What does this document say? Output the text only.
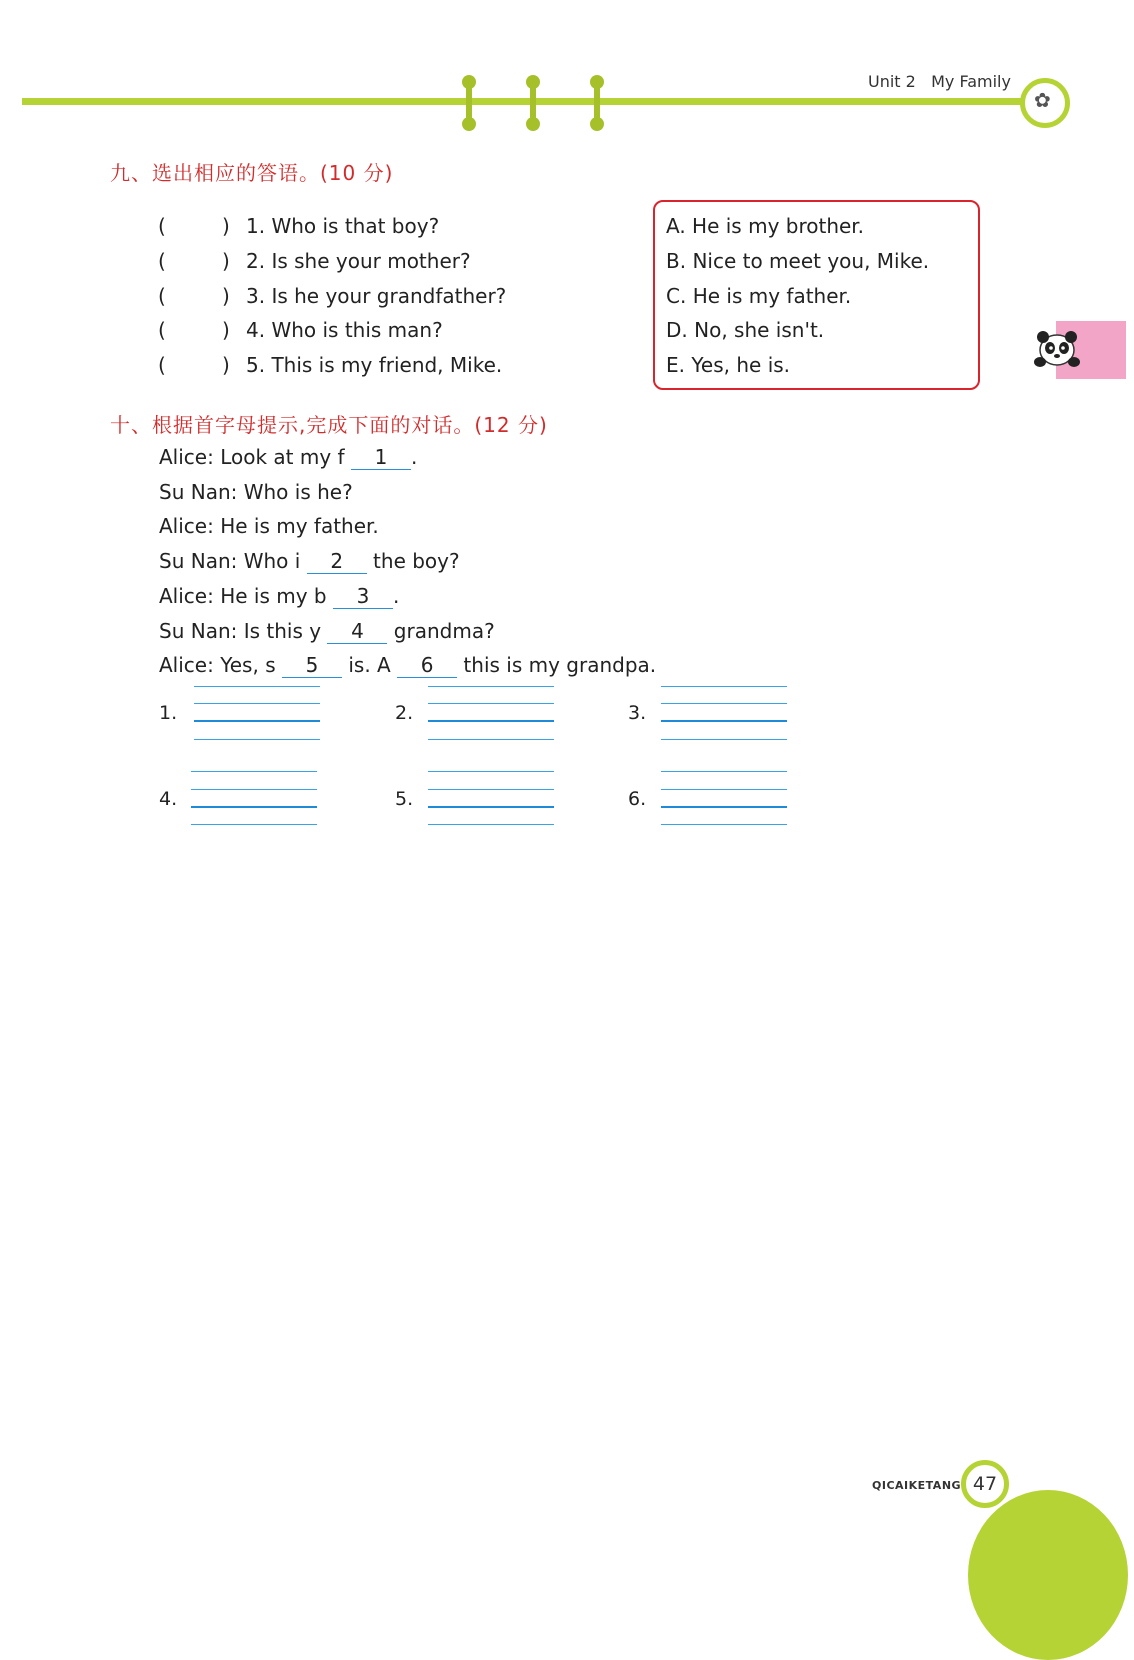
Unit 2 My Family
✿
九、选出相应的答语。(10 分)
(	) 1. Who is that boy?
(	) 2. Is she your mother?
(	) 3. Is he your grandfather?
(	) 4. Who is this man?
(	) 5. This is my friend, Mike.
A. He is my brother.
B. Nice to meet you, Mike.
C. He is my father.
D. No, she isn't.
E. Yes, he is.
十、根据首字母提示,完成下面的对话。(12 分)
Alice: Look at my f 1 .
Su Nan: Who is he?
Alice: He is my father.
Su Nan: Who i 2 the boy?
Alice: He is my b 3 .
Su Nan: Is this y 4 grandma?
Alice: Yes, s 5 is. A 6 this is my grandpa.
1.	2.	3.
4.	5.	6.
QICAIKETANG 47
